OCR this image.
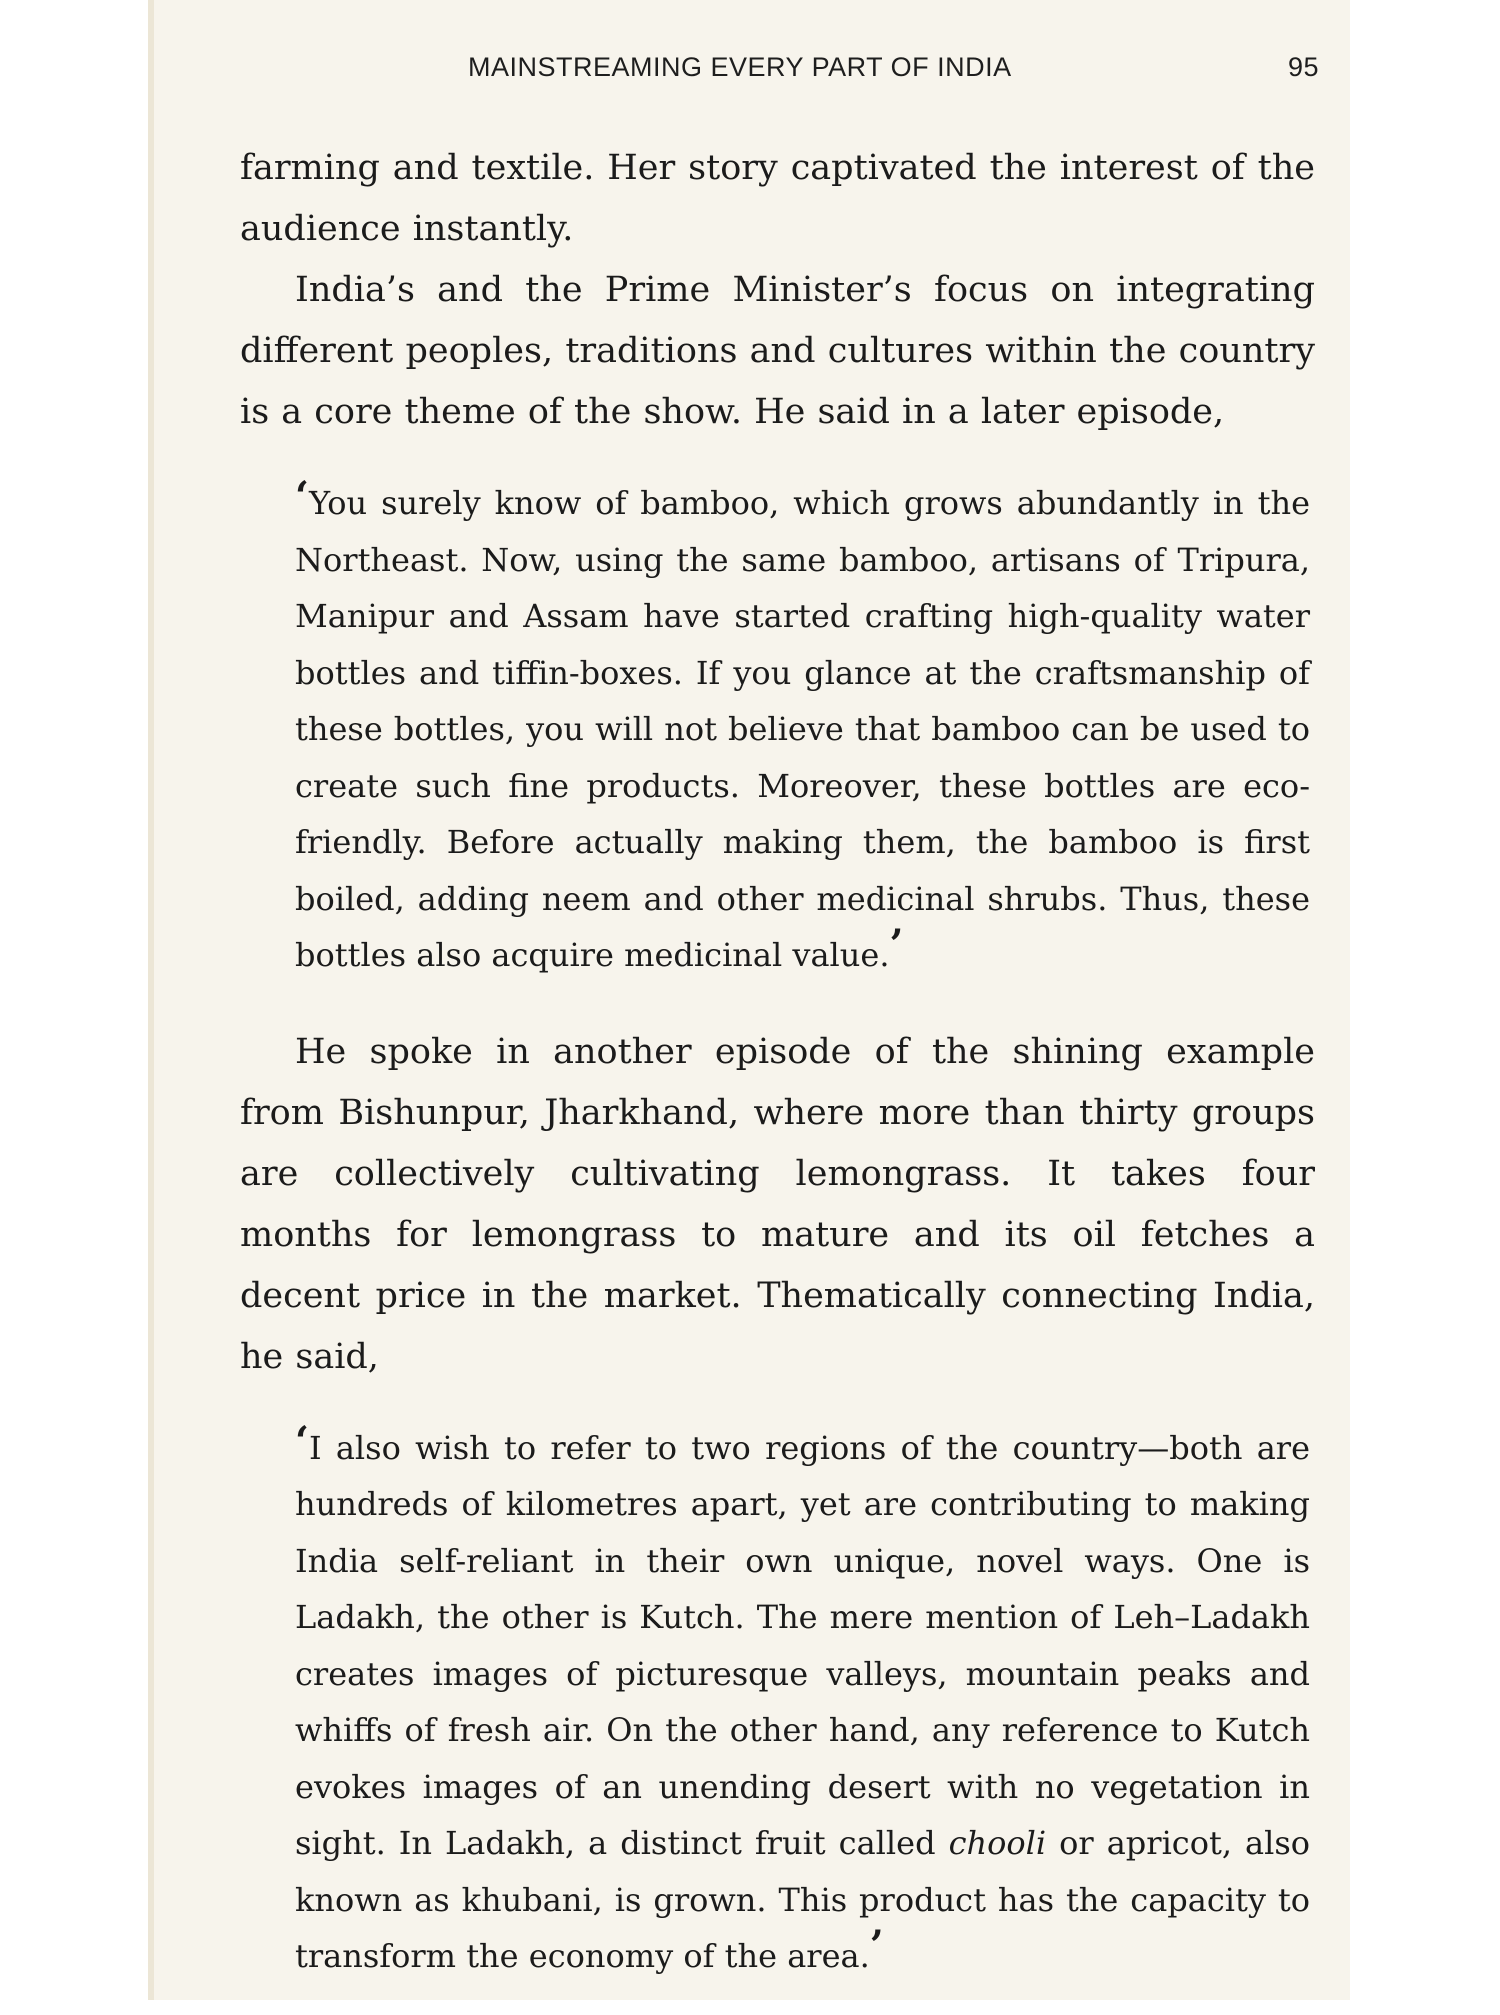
MAINSTREAMING EVERY PART OF INDIA	95

farming and textile. Her story captivated the interest of the audience instantly.

India’s and the Prime Minister’s focus on integrating different peoples, traditions and cultures within the country is a core theme of the show. He said in a later episode,

‘You surely know of bamboo, which grows abundantly in the Northeast. Now, using the same bamboo, artisans of Tripura, Manipur and Assam have started crafting high-quality water bottles and tiffin-boxes. If you glance at the craftsmanship of these bottles, you will not believe that bamboo can be used to create such fine products. Moreover, these bottles are eco-friendly. Before actually making them, the bamboo is first boiled, adding neem and other medicinal shrubs. Thus, these bottles also acquire medicinal value.’

He spoke in another episode of the shining example from Bishunpur, Jharkhand, where more than thirty groups are collectively cultivating lemongrass. It takes four months for lemongrass to mature and its oil fetches a decent price in the market. Thematically connecting India, he said,

‘I also wish to refer to two regions of the country—both are hundreds of kilometres apart, yet are contributing to making India self-reliant in their own unique, novel ways. One is Ladakh, the other is Kutch. The mere mention of Leh–Ladakh creates images of picturesque valleys, mountain peaks and whiffs of fresh air. On the other hand, any reference to Kutch evokes images of an unending desert with no vegetation in sight. In Ladakh, a distinct fruit called chooli or apricot, also known as khubani, is grown. This product has the capacity to transform the economy of the area.’
